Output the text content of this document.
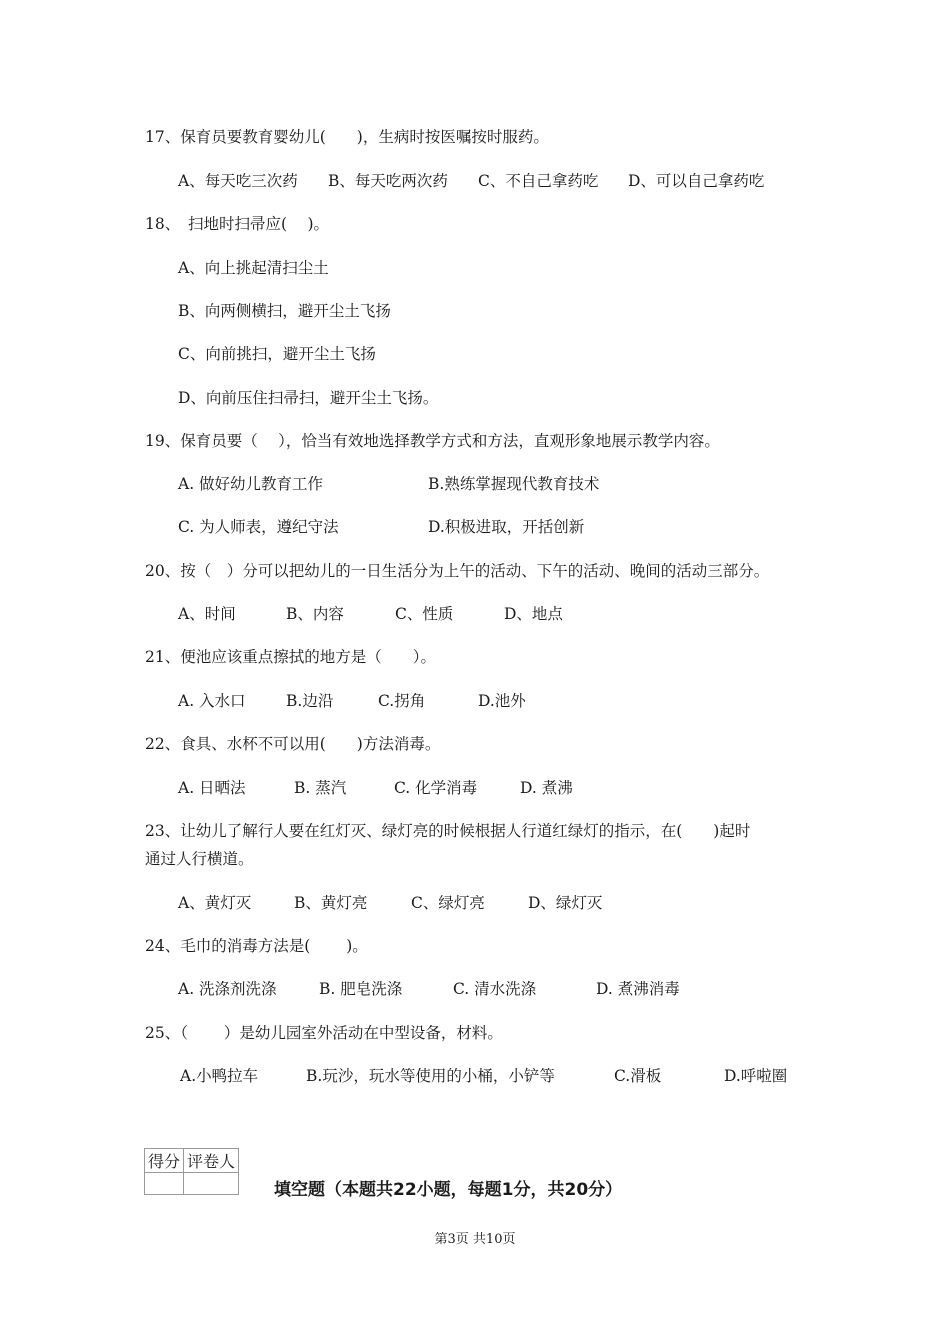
17、保育员要教育婴幼儿(　　)，生病时按医嘱按时服药。
A、每天吃三次药 B、每天吃两次药 C、不自己拿药吃 D、可以自己拿药吃
18、　扫地时扫帚应(　 )。
A、向上挑起清扫尘土
B、向两侧横扫，避开尘土飞扬
C、向前挑扫，避开尘土飞扬
D、向前压住扫帚扫，避开尘土飞扬。
19、保育员要（　 ），恰当有效地选择教学方式和方法，直观形象地展示教学内容。
A. 做好幼儿教育工作	B.熟练掌握现代教育技术
C. 为人师表，遵纪守法	D.积极进取，开括创新
20、按（　）分可以把幼儿的一日生活分为上午的活动、下午的活动、晚间的活动三部分。
A、时间	B、内容	C、性质	D、地点
21、便池应该重点擦拭的地方是（　　）。
A. 入水口	B.边沿	C.拐角	D.池外
22、食具、水杯不可以用(　　)方法消毒。
A. 日晒法	B. 蒸汽	C. 化学消毒	D. 煮沸
23、让幼儿了解行人要在红灯灭、绿灯亮的时候根据人行道红绿灯的指示，在(　　)起时
通过人行横道。
A、黄灯灭	B、黄灯亮	C、绿灯亮	D、绿灯灭
24、毛巾的消毒方法是(　　 )。
A. 洗涤剂洗涤	B. 肥皂洗涤	C. 清水洗涤	D. 煮沸消毒
25、（　　 ）是幼儿园室外活动在中型设备，材料。
A.小鸭拉车	B.玩沙，玩水等使用的小桶，小铲等	C.滑板	D.呼啦圈
得分	评卷人

填空题（本题共22小题，每题1分，共20分）
第3页 共10页
